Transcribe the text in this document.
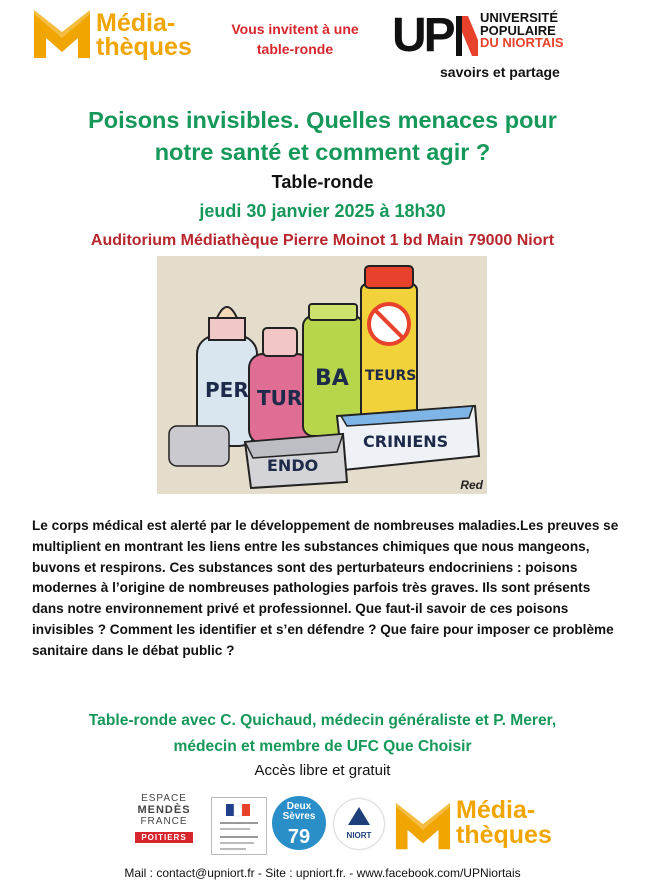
Média-
thèques
Vous invitent à une
table-ronde	UP UNIVERSITÉ
POPULAIRE
DU NIORTAIS
savoirs et partage
Poisons invisibles. Quelles menaces pour
notre santé et comment agir ?
Table-ronde
jeudi 30 janvier 2025 à 18h30
Auditorium Médiathèque Pierre Moinot 1 bd Main 79000 Niort
PER TUR
BA TEURS
ENDO
CRINIENS
Red
Le corps médical est alerté par le développement de nombreuses maladies.Les preuves se multiplient en montrant les liens entre les substances chimiques que nous mangeons, buvons et respirons. Ces substances sont des perturbateurs endocriniens : poisons modernes à l’origine de nombreuses pathologies parfois très graves. Ils sont présents dans notre environnement privé et professionnel. Que faut-il savoir de ces poisons invisibles ? Comment les identifier et s’en défendre ? Que faire pour imposer ce problème sanitaire dans le débat public ?
Table-ronde avec C. Quichaud, médecin généraliste et P. Merer,
médecin et membre de UFC Que Choisir
Accès libre et gratuit
ESPACE
MENDÈS
FRANCE
POITIERS
Deux
Sèvres
79	NIORT
Média-
thèques
Mail : contact@upniort.fr - Site : upniort.fr. - www.facebook.com/UPNiortais
